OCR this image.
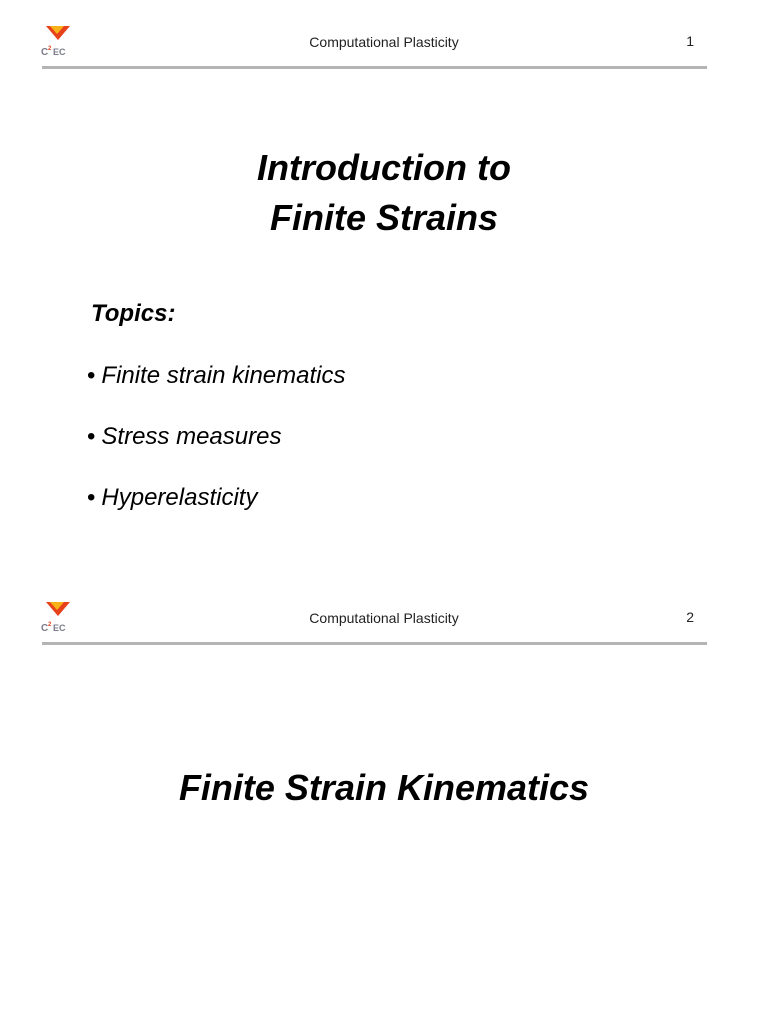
C 2 EC
Computational Plasticity	1
Introduction to
Finite Strains
Topics:
• Finite strain kinematics
• Stress measures
• Hyperelasticity
C 2 EC
Computational Plasticity	2
Finite Strain Kinematics
